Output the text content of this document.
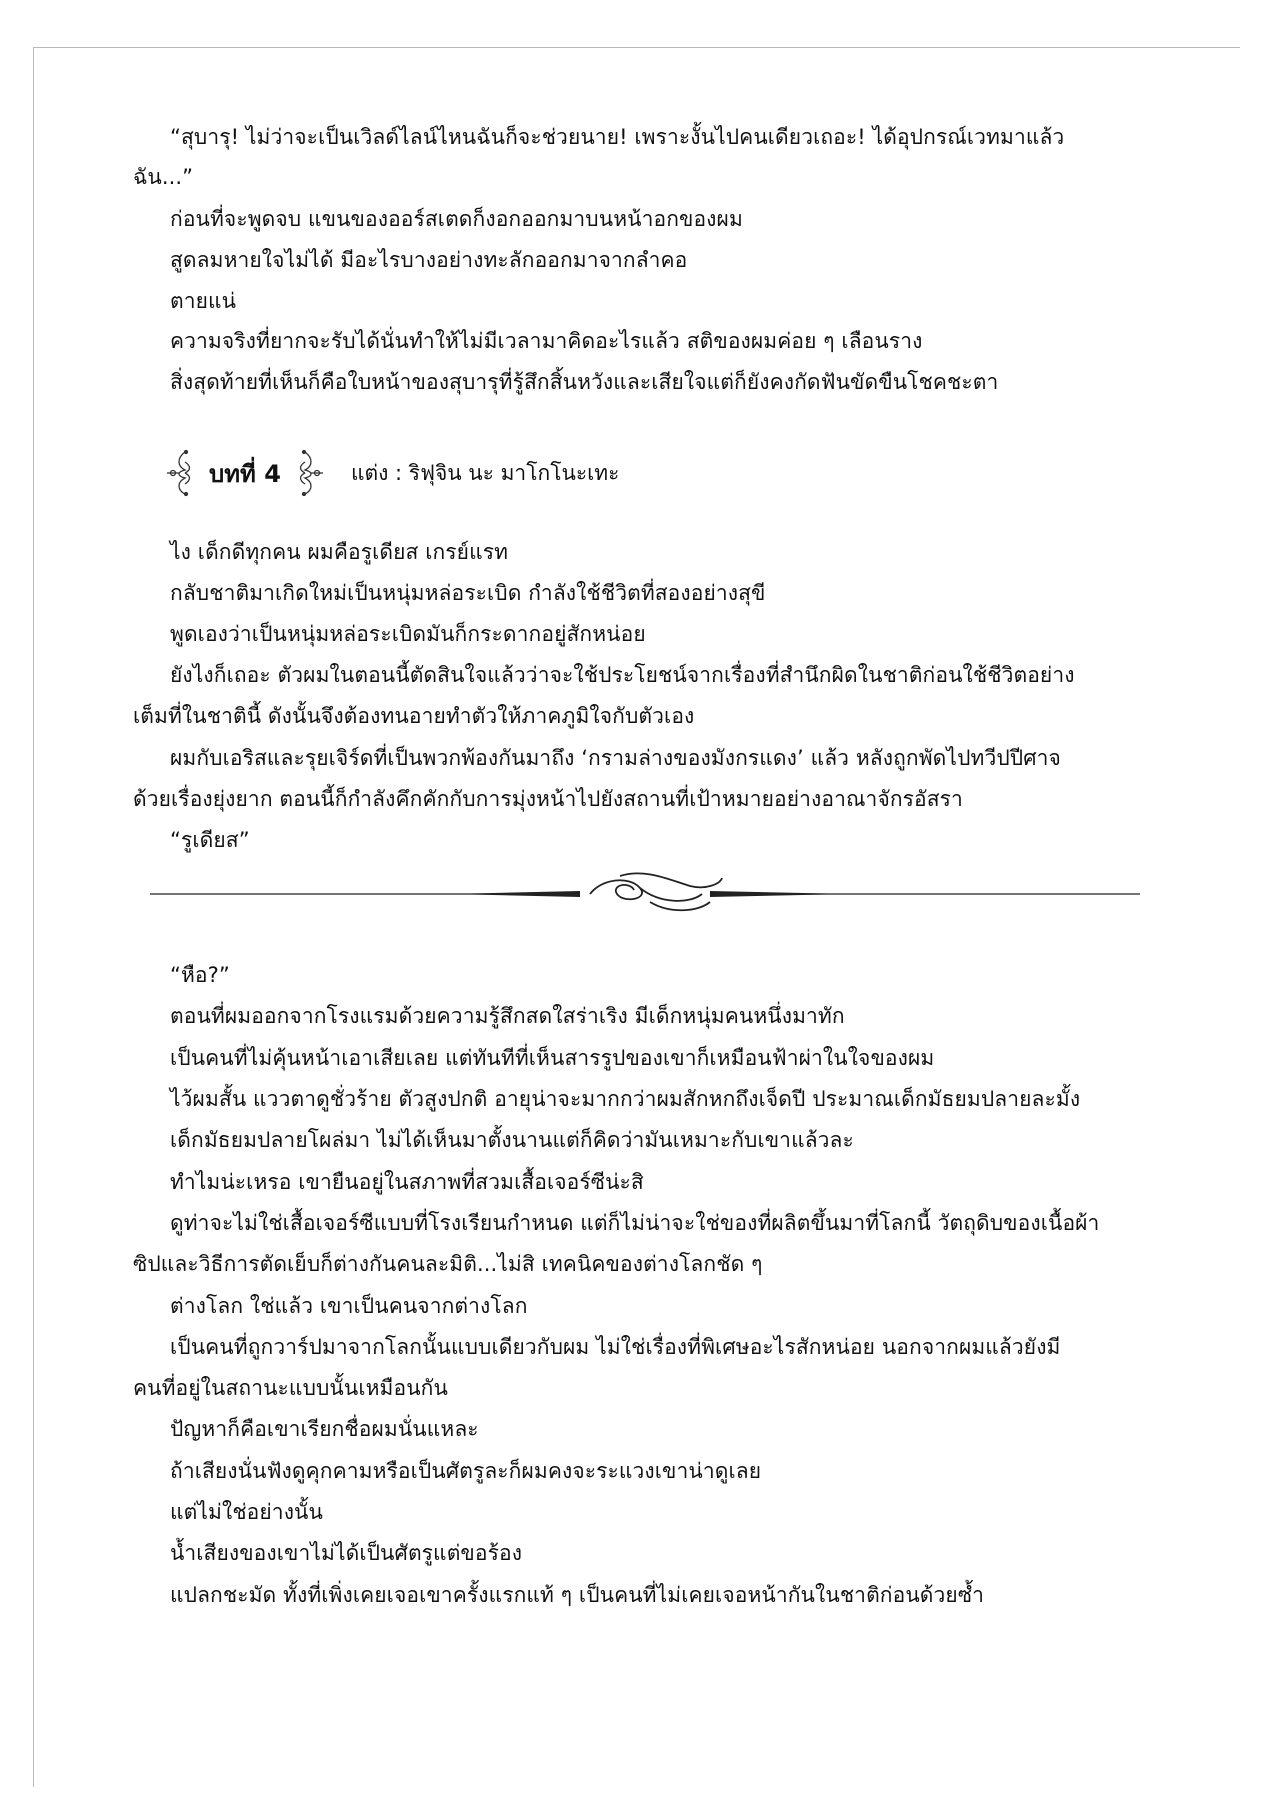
“สุบารุ! ไม่ว่าจะเป็นเวิลด์ไลน์ไหนฉันก็จะช่วยนาย! เพราะงั้นไปคนเดียวเถอะ! ได้อุปกรณ์เวทมาแล้ว
ฉัน...”
ก่อนที่จะพูดจบ แขนของออร์สเตดก็งอกออกมาบนหน้าอกของผม
สูดลมหายใจไม่ได้ มีอะไรบางอย่างทะลักออกมาจากลำคอ
ตายแน่
ความจริงที่ยากจะรับได้นั่นทำให้ไม่มีเวลามาคิดอะไรแล้ว สติของผมค่อย ๆ เลือนราง
สิ่งสุดท้ายที่เห็นก็คือใบหน้าของสุบารุที่รู้สึกสิ้นหวังและเสียใจแต่ก็ยังคงกัดฟันขัดขืนโชคชะตา
บทที่ 4	แต่ง : ริฟุจิน นะ มาโกโนะเทะ
ไง เด็กดีทุกคน ผมคือรูเดียส เกรย์แรท
กลับชาติมาเกิดใหม่เป็นหนุ่มหล่อระเบิด กำลังใช้ชีวิตที่สองอย่างสุขี
พูดเองว่าเป็นหนุ่มหล่อระเบิดมันก็กระดากอยู่สักหน่อย
ยังไงก็เถอะ ตัวผมในตอนนี้ตัดสินใจแล้วว่าจะใช้ประโยชน์จากเรื่องที่สำนึกผิดในชาติก่อนใช้ชีวิตอย่าง
เต็มที่ในชาตินี้ ดังนั้นจึงต้องทนอายทำตัวให้ภาคภูมิใจกับตัวเอง
ผมกับเอริสและรุยเจิร์ดที่เป็นพวกพ้องกันมาถึง ‘กรามล่างของมังกรแดง’ แล้ว หลังถูกพัดไปทวีปปีศาจ
ด้วยเรื่องยุ่งยาก ตอนนี้ก็กำลังคึกคักกับการมุ่งหน้าไปยังสถานที่เป้าหมายอย่างอาณาจักรอัสรา
“รูเดียส”
“หือ?”
ตอนที่ผมออกจากโรงแรมด้วยความรู้สึกสดใสร่าเริง มีเด็กหนุ่มคนหนึ่งมาทัก
เป็นคนที่ไม่คุ้นหน้าเอาเสียเลย แต่ทันทีที่เห็นสารรูปของเขาก็เหมือนฟ้าผ่าในใจของผม
ไว้ผมสั้น แววตาดูชั่วร้าย ตัวสูงปกติ อายุน่าจะมากกว่าผมสักหกถึงเจ็ดปี ประมาณเด็กมัธยมปลายละมั้ง
เด็กมัธยมปลายโผล่มา ไม่ได้เห็นมาตั้งนานแต่ก็คิดว่ามันเหมาะกับเขาแล้วละ
ทำไมน่ะเหรอ เขายืนอยู่ในสภาพที่สวมเสื้อเจอร์ซีน่ะสิ
ดูท่าจะไม่ใช่เสื้อเจอร์ซีแบบที่โรงเรียนกำหนด แต่ก็ไม่น่าจะใช่ของที่ผลิตขึ้นมาที่โลกนี้ วัตถุดิบของเนื้อผ้า
ซิปและวิธีการตัดเย็บก็ต่างกันคนละมิติ...ไม่สิ เทคนิคของต่างโลกชัด ๆ
ต่างโลก ใช่แล้ว เขาเป็นคนจากต่างโลก
เป็นคนที่ถูกวาร์ปมาจากโลกนั้นแบบเดียวกับผม ไม่ใช่เรื่องที่พิเศษอะไรสักหน่อย นอกจากผมแล้วยังมี
คนที่อยู่ในสถานะแบบนั้นเหมือนกัน
ปัญหาก็คือเขาเรียกชื่อผมนั่นแหละ
ถ้าเสียงนั่นฟังดูคุกคามหรือเป็นศัตรูละก็ผมคงจะระแวงเขาน่าดูเลย
แต่ไม่ใช่อย่างนั้น
น้ำเสียงของเขาไม่ได้เป็นศัตรูแต่ขอร้อง
แปลกชะมัด ทั้งที่เพิ่งเคยเจอเขาครั้งแรกแท้ ๆ เป็นคนที่ไม่เคยเจอหน้ากันในชาติก่อนด้วยซ้ำ
